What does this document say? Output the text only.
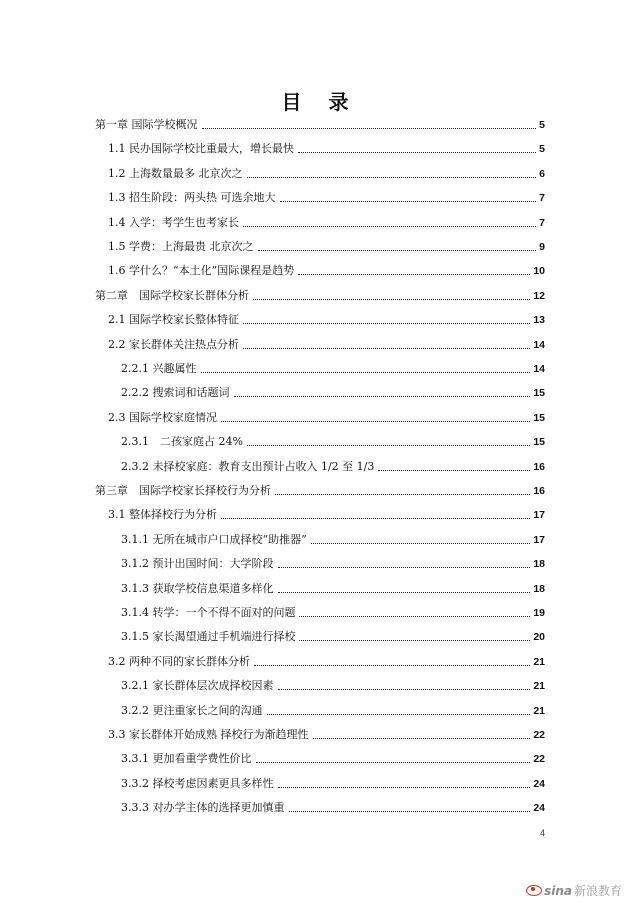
目 录
第一章 国际学校概况	5
1.1 民办国际学校比重最大，增长最快	5
1.2 上海数量最多 北京次之	6
1.3 招生阶段：两头热 可选余地大	7
1.4 入学：考学生也考家长	7
1.5 学费：上海最贵 北京次之	9
1.6 学什么？“本土化”国际课程是趋势	10
第二章　国际学校家长群体分析	12
2.1 国际学校家长整体特征	13
2.2 家长群体关注热点分析	14
2.2.1 兴趣属性	14
2.2.2 搜索词和话题词	15
2.3 国际学校家庭情况	15
2.3.1　二孩家庭占 24%	15
2.3.2 未择校家庭：教育支出预计占收入 1/2 至 1/3	16
第三章　国际学校家长择校行为分析	16
3.1 整体择校行为分析	17
3.1.1 无所在城市户口成择校“助推器”	17
3.1.2 预计出国时间：大学阶段	18
3.1.3 获取学校信息渠道多样化	18
3.1.4 转学：一个不得不面对的问题	19
3.1.5 家长渴望通过手机端进行择校	20
3.2 两种不同的家长群体分析	21
3.2.1 家长群体层次成择校因素	21
3.2.2 更注重家长之间的沟通	21
3.3 家长群体开始成熟 择校行为渐趋理性	22
3.3.1 更加看重学费性价比	22
3.3.2 择校考虑因素更具多样性	24
3.3.3 对办学主体的选择更加慎重	24
4
sina 新浪教育
